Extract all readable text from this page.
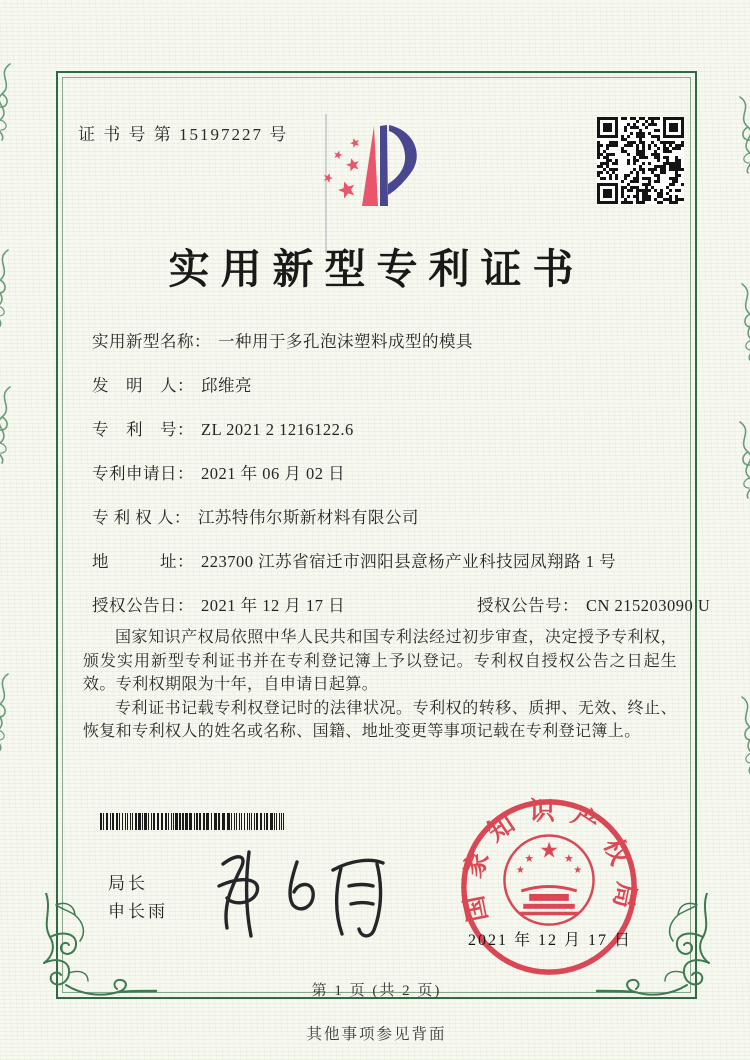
证 书 号 第 15197227 号
实用新型专利证书
实用新型名称： 一种用于多孔泡沫塑料成型的模具
发　明　人： 邱维亮
专　利　号： ZL 2021 2 1216122.6
专利申请日： 2021 年 06 月 02 日
专 利 权 人： 江苏特伟尔斯新材料有限公司
地　　　址： 223700 江苏省宿迁市泗阳县意杨产业科技园凤翔路 1 号
授权公告日： 2021 年 12 月 17 日	授权公告号： CN 215203090 U

国家知识产权局依照中华人民共和国专利法经过初步审查，决定授予专利权，颁发实用新型专利证书并在专利登记簿上予以登记。专利权自授权公告之日起生效。专利权期限为十年，自申请日起算。

专利证书记载专利权登记时的法律状况。专利权的转移、质押、无效、终止、恢复和专利权人的姓名或名称、国籍、地址变更等事项记载在专利登记簿上。

局长
申长雨	国家知识产权局
★
★	★
★	★
2021 年 12 月 17 日
第 1 页 (共 2 页)
其他事项参见背面
